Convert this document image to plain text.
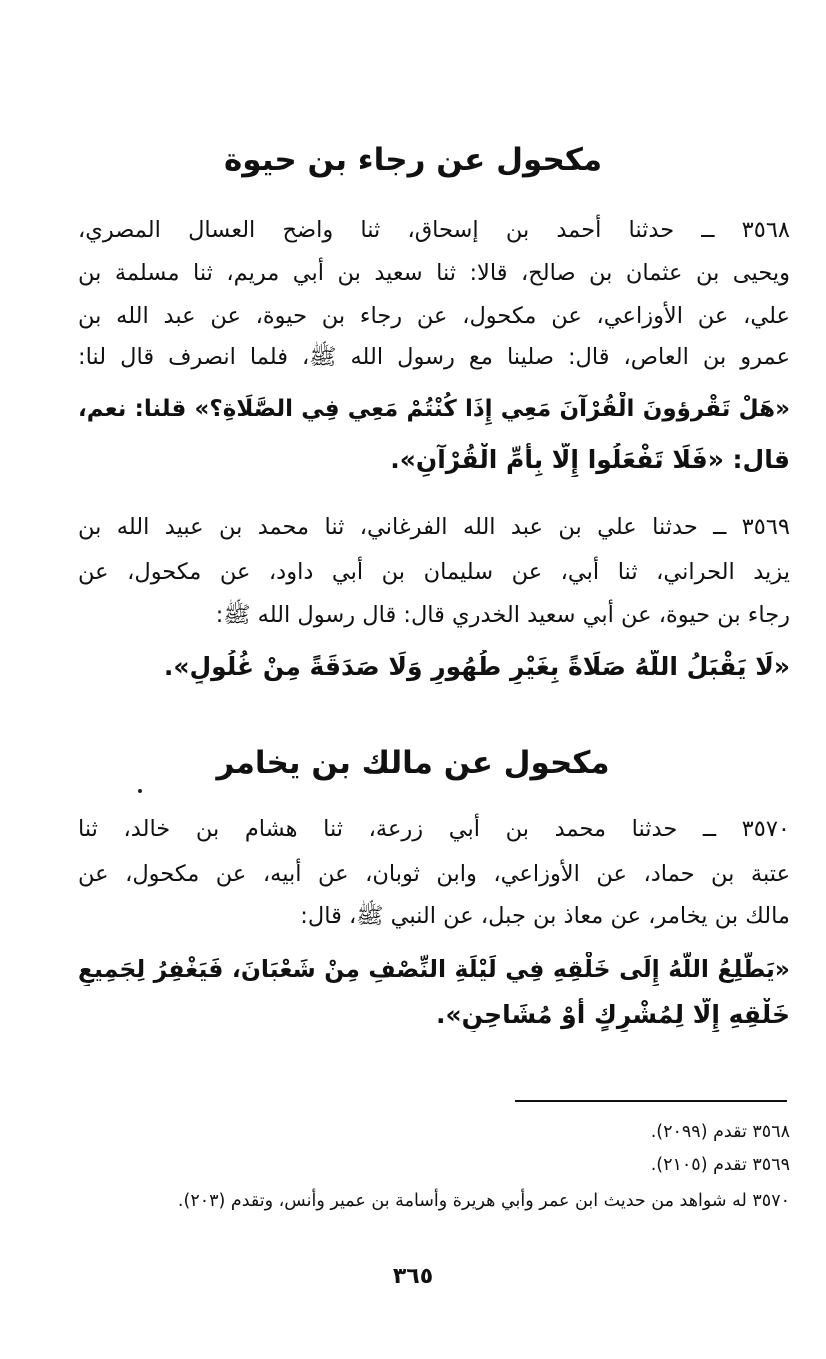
مكحول عن رجاء بن حيوة
٣٥٦٨ ــ حدثنا أحمد بن إسحاق، ثنا واضح العسال المصري،
ويحيى بن عثمان بن صالح، قالا: ثنا سعيد بن أبي مريم، ثنا مسلمة بن
علي، عن الأوزاعي، عن مكحول، عن رجاء بن حيوة، عن عبد الله بن
عمرو بن العاص، قال: صلينا مع رسول الله ﷺ، فلما انصرف قال لنا:
«هَلْ تَقْرؤونَ الْقُرْآنَ مَعِي إِذَا كُنْتُمْ مَعِي فِي الصَّلَاةِ؟» قلنا: نعم،
قال: «فَلَا تَفْعَلُوا إِلَّا بِأُمِّ الْقُرْآنِ».
٣٥٦٩ ــ حدثنا علي بن عبد الله الفرغاني، ثنا محمد بن عبيد الله بن
يزيد الحراني، ثنا أبي، عن سليمان بن أبي داود، عن مكحول، عن
رجاء بن حيوة، عن أبي سعيد الخدري قال: قال رسول الله ﷺ:
«لَا يَقْبَلُ اللَّهُ صَلَاةً بِغَيْرِ طُهُورٍ وَلَا صَدَقَةً مِنْ غُلُولٍ».
مكحول عن مالك بن يخامر
٣٥٧٠ ــ حدثنا محمد بن أبي زرعة، ثنا هشام بن خالد، ثنا
عتبة بن حماد، عن الأوزاعي، وابن ثوبان، عن أبيه، عن مكحول، عن
مالك بن يخامر، عن معاذ بن جبل، عن النبي ﷺ، قال:
«يَطَّلِعُ اللَّهُ إِلَى خَلْقِهِ فِي لَيْلَةِ النِّصْفِ مِنْ شَعْبَانَ، فَيَغْفِرُ لِجَمِيعِ
خَلْقِهِ إِلَّا لِمُشْرِكٍ أَوْ مُشَاحِنٍ».
٣٥٦٨ تقدم (٢٠٩٩).
٣٥٦٩ تقدم (٢١٠٥).
٣٥٧٠ له شواهد من حديث ابن عمر وأبي هريرة وأسامة بن عمير وأنس، وتقدم (٢٠٣).
٣٦٥
